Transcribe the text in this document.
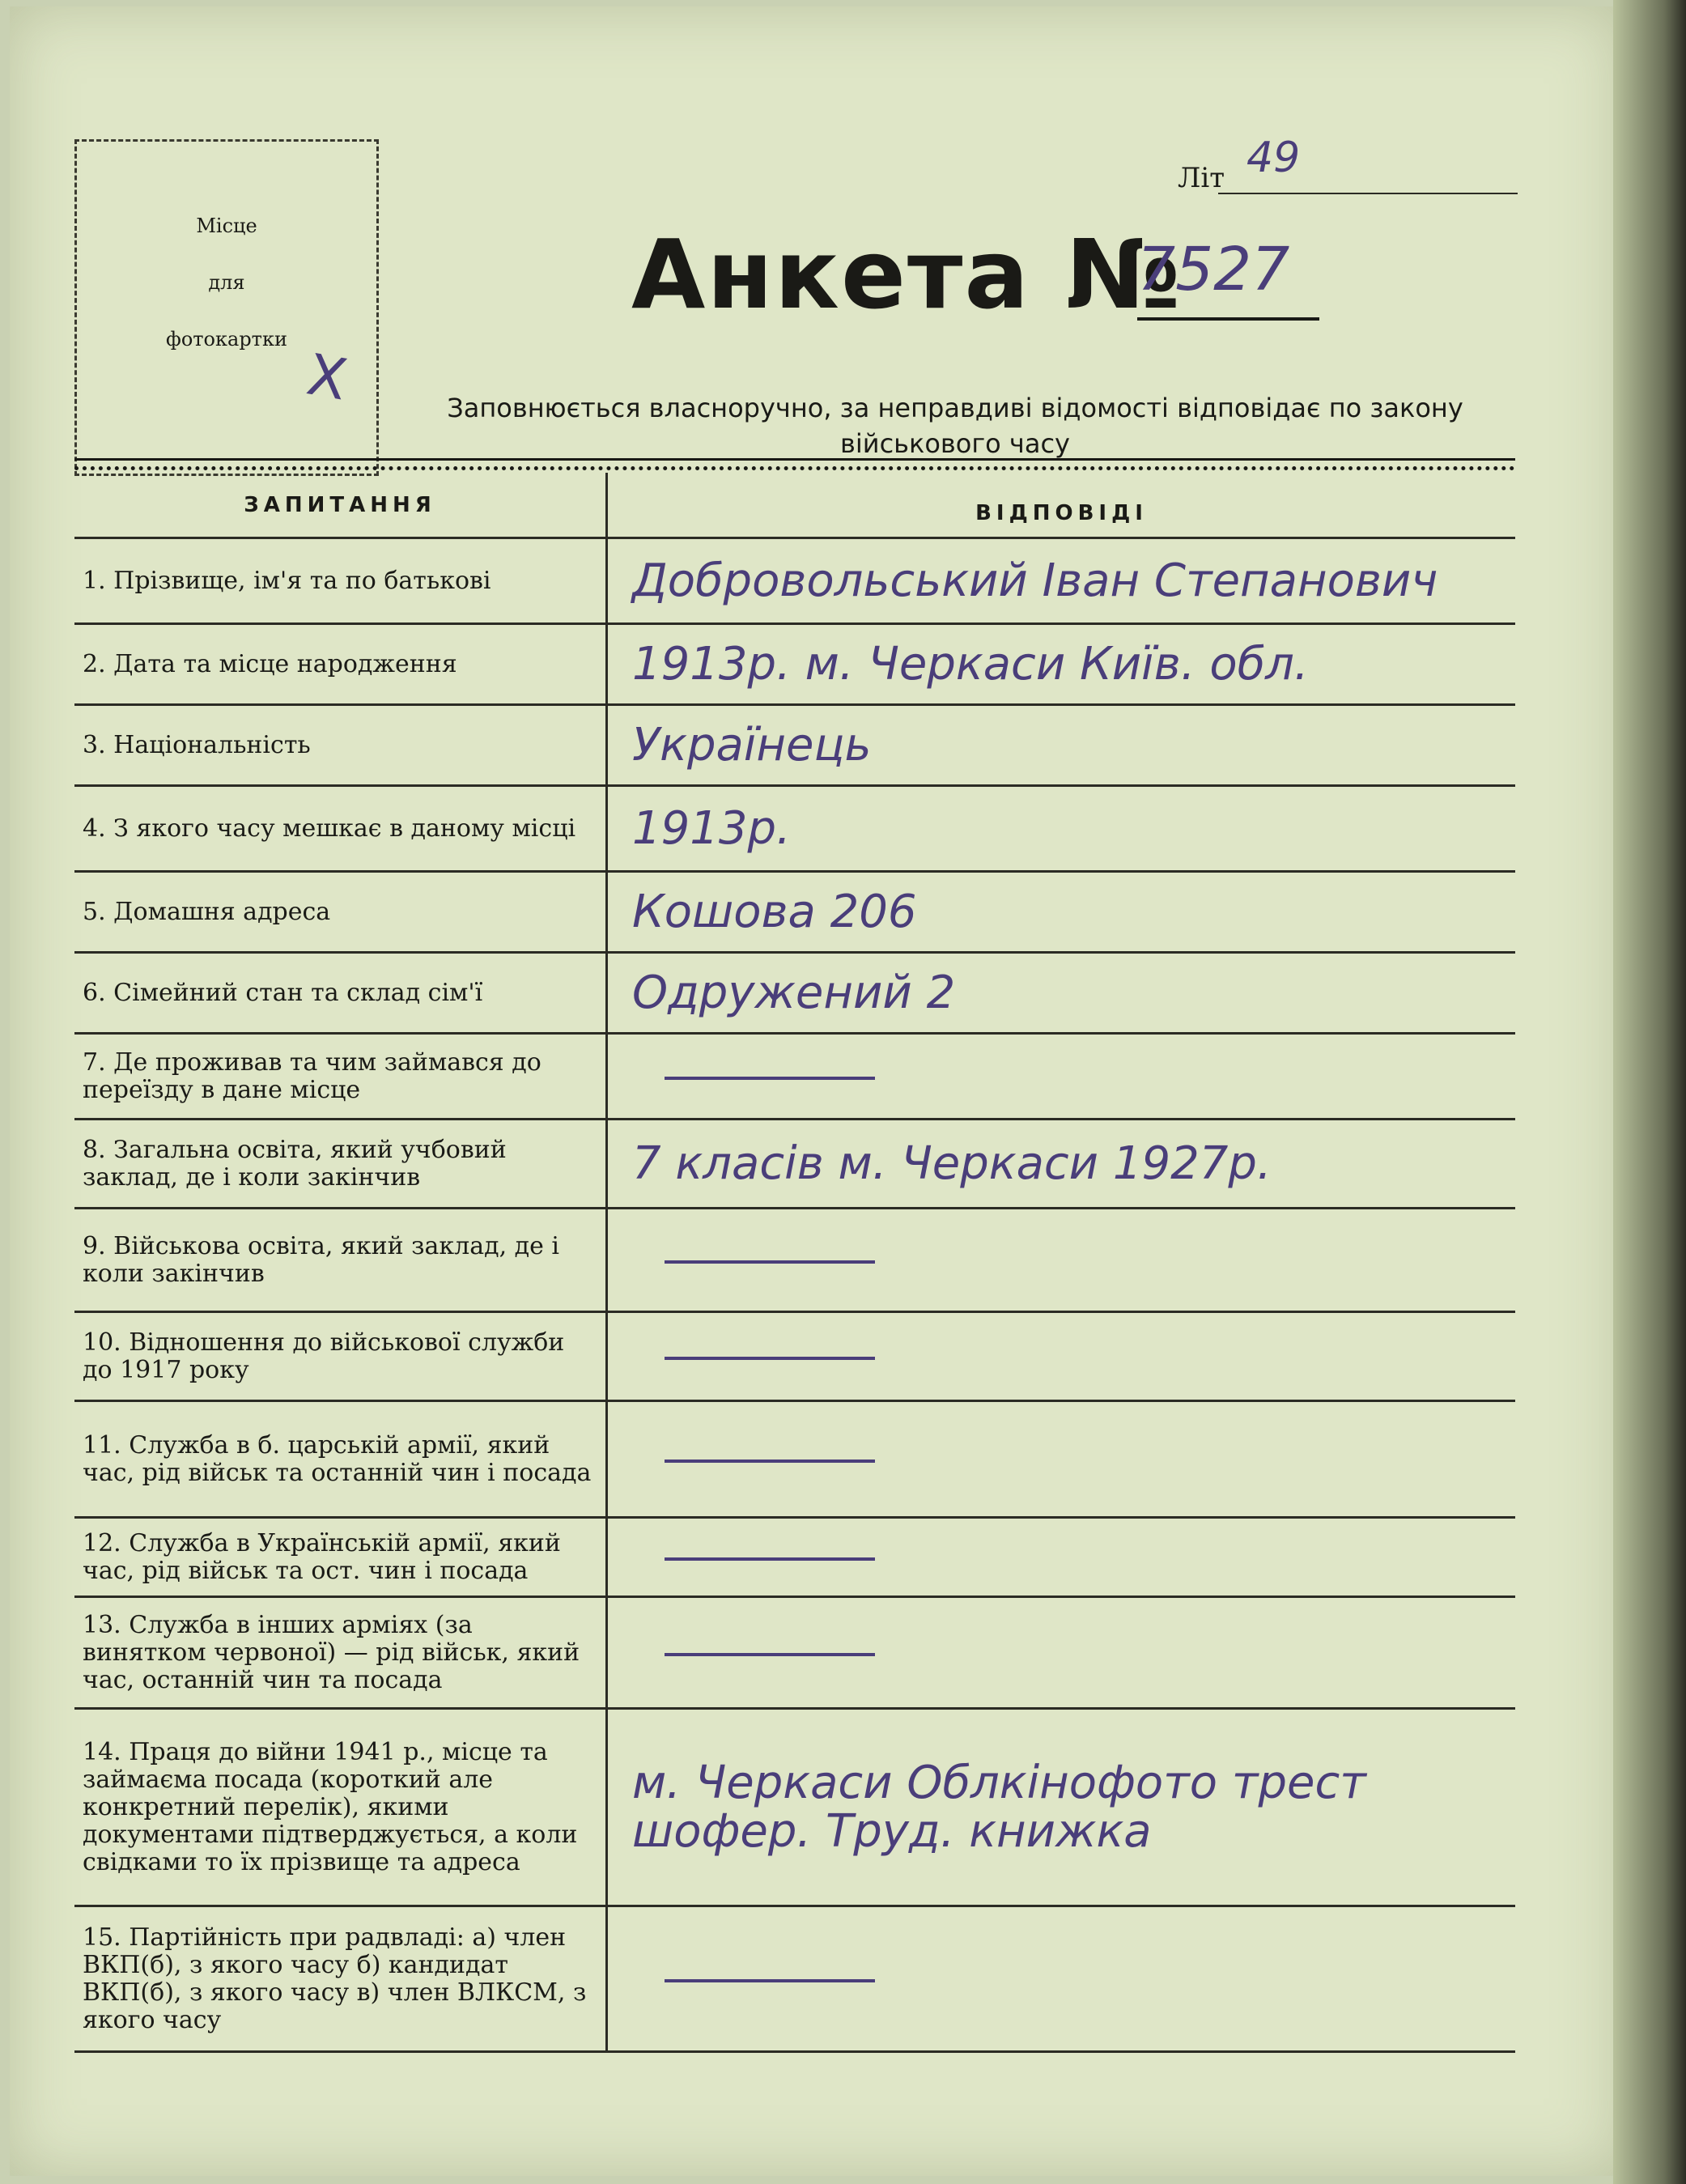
Місце
для
фотокартки
X
Літ 49
Анкета №
7527
Заповнюється власноручно, за неправдиві відомості відповідає по закону військового часу
ЗАПИТАННЯ	ВІДПОВІДІ
1. Прізвище, ім'я та по батькові	Добровольський Іван Степанович
2. Дата та місце народження	1913р. м. Черкаси Київ. обл.
3. Національність	Українець
4. З якого часу мешкає в даному місці	1913р.
5. Домашня адреса	Кошова 206
6. Сімейний стан та склад сім'ї	Одружений 2
7. Де проживав та чим займався до переїзду в дане місце	
8. Загальна освіта, який учбовий заклад, де і коли закінчив	7 класів м. Черкаси 1927р.
9. Військова освіта, який заклад, де і коли закінчив	
10. Відношення до військової служби до 1917 року	
11. Служба в б. царській армії, який час, рід військ та останній чин і посада	
12. Служба в Українській армії, який час, рід військ та ост. чин і посада	
13. Служба в інших арміях (за винятком червоної) — рід військ, який час, останній чин та посада	
14. Праця до війни 1941 р., місце та займаєма посада (короткий але конкретний перелік), якими документами підтверджується, а коли свідками то їх прізвище та адреса	м. Черкаси Облкінофото трест шофер. Труд. книжка
15. Партійність при радвладі: а) член ВКП(б), з якого часу б) кандидат ВКП(б), з якого часу в) член ВЛКСМ, з якого часу	
